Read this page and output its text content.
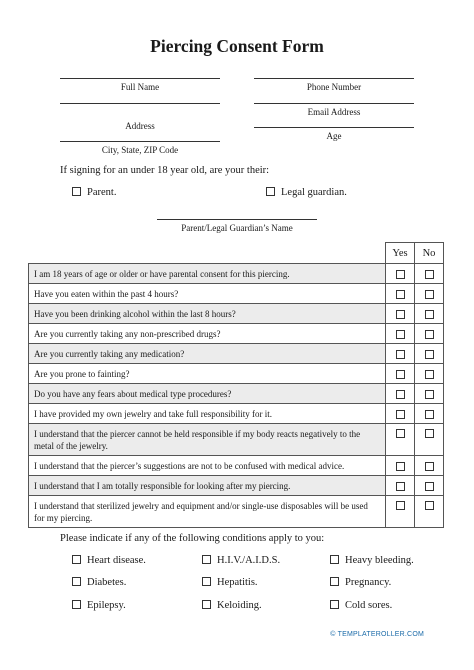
Piercing Consent Form
Full Name	Phone Number
Email Address
Address
Age
City, State, ZIP Code
If signing for an under 18 year old, are your their:
Parent.	Legal guardian.
Parent/Legal Guardian’s Name
	Yes	No
I am 18 years of age or older or have parental consent for this piercing.		
Have you eaten within the past 4 hours?		
Have you been drinking alcohol within the last 8 hours?		
Are you currently taking any non-prescribed drugs?		
Are you currently taking any medication?		
Are you prone to fainting?		
Do you have any fears about medical type procedures?		
I have provided my own jewelry and take full responsibility for it.		
I understand that the piercer cannot be held responsible if my body reacts negatively to the metal of the jewelry.		
I understand that the piercer’s suggestions are not to be confused with medical advice.		
I understand that I am totally responsible for looking after my piercing.		
I understand that sterilized jewelry and equipment and/or single-use disposables will be used for my piercing.		
Please indicate if any of the following conditions apply to you:
Heart disease.	H.I.V./A.I.D.S.	Heavy bleeding.
Diabetes.	Hepatitis.	Pregnancy.
Epilepsy.	Keloiding.	Cold sores.
© TEMPLATEROLLER.COM
